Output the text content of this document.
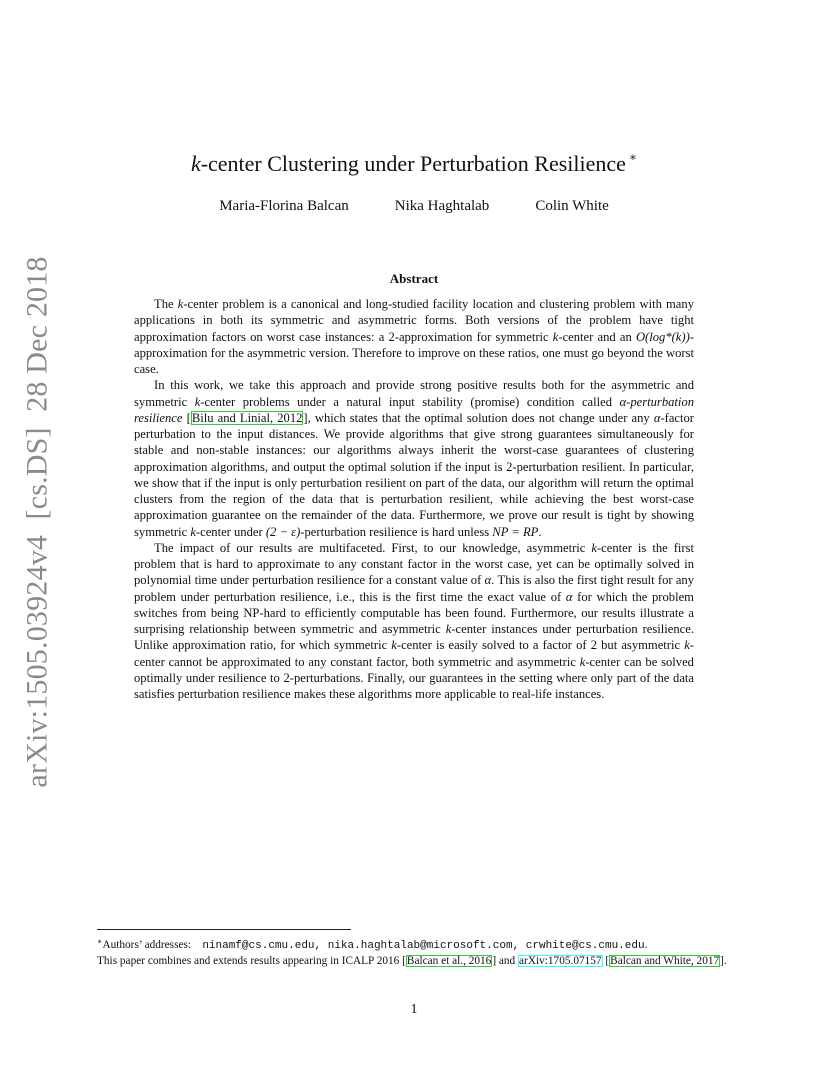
arXiv:1505.03924v4  [cs.DS]  28 Dec 2018
k-center Clustering under Perturbation Resilience ∗
Maria-Florina Balcan	Nika Haghtalab	Colin White
Abstract

The k-center problem is a canonical and long-studied facility location and clustering problem with many applications in both its symmetric and asymmetric forms. Both versions of the problem have tight approximation factors on worst case instances: a 2-approximation for symmetric k-center and an O(log*(k))-approximation for the asymmetric version. Therefore to improve on these ratios, one must go beyond the worst case.

In this work, we take this approach and provide strong positive results both for the asymmetric and symmetric k-center problems under a natural input stability (promise) condition called α-perturbation resilience [Bilu and Linial, 2012], which states that the optimal solution does not change under any α-factor perturbation to the input distances. We provide algorithms that give strong guarantees simultaneously for stable and non-stable instances: our algorithms always inherit the worst-case guarantees of clustering approximation algorithms, and output the optimal solution if the input is 2-perturbation resilient. In particular, we show that if the input is only perturbation resilient on part of the data, our algorithm will return the optimal clusters from the region of the data that is perturbation resilient, while achieving the best worst-case approximation guarantee on the remainder of the data. Furthermore, we prove our result is tight by showing symmetric k-center under (2 − ε)-perturbation resilience is hard unless NP = RP.

The impact of our results are multifaceted. First, to our knowledge, asymmetric k-center is the first problem that is hard to approximate to any constant factor in the worst case, yet can be optimally solved in polynomial time under perturbation resilience for a constant value of α. This is also the first tight result for any problem under perturbation resilience, i.e., this is the first time the exact value of α for which the problem switches from being NP-hard to efficiently computable has been found. Furthermore, our results illustrate a surprising relationship between symmetric and asymmetric k-center instances under perturbation resilience. Unlike approximation ratio, for which symmetric k-center is easily solved to a factor of 2 but asymmetric k-center cannot be approximated to any constant factor, both symmetric and asymmetric k-center can be solved optimally under resilience to 2-perturbations. Finally, our guarantees in the setting where only part of the data satisfies perturbation resilience makes these algorithms more applicable to real-life instances.

∗Authors’ addresses: ninamf@cs.cmu.edu, nika.haghtalab@microsoft.com, crwhite@cs.cmu.edu.

This paper combines and extends results appearing in ICALP 2016 [Balcan et al., 2016] and arXiv:1705.07157 [Balcan and White, 2017].

1
